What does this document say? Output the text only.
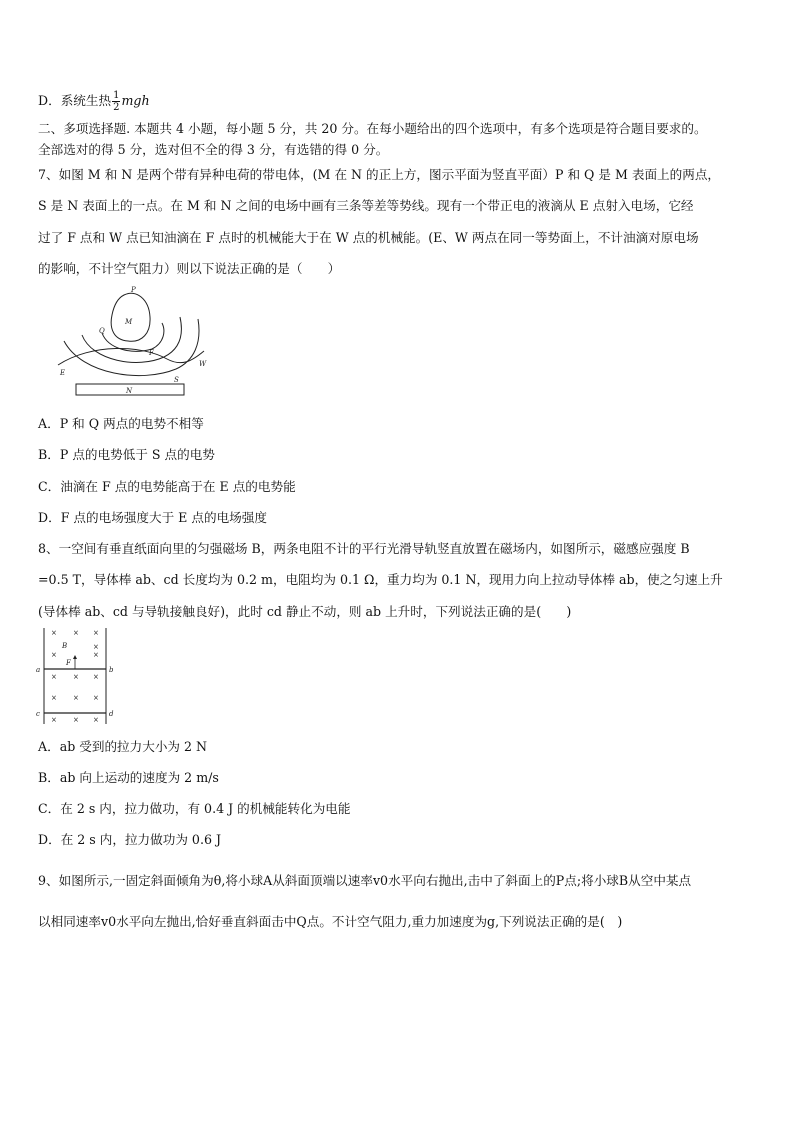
D．系统生热 $\frac{1}{2}$ mgh
二、多项选择题. 本题共 4 小题，每小题 5 分，共 20 分。在每小题给出的四个选项中，有多个选项是符合题目要求的。
全部选对的得 5 分，选对但不全的得 3 分，有选错的得 0 分。
7、如图 M 和 N 是两个带有异种电荷的带电体，(M 在 N 的正上方，图示平面为竖直平面）P 和 Q 是 M 表面上的两点，
S 是 N 表面上的一点。在 M 和 N 之间的电场中画有三条等差等势线。现有一个带正电的液滴从 E 点射入电场，它经
过了 F 点和 W 点已知油滴在 F 点时的机械能大于在 W 点的机械能。(E、W 两点在同一等势面上，不计油滴对原电场
的影响，不计空气阻力）则以下说法正确的是（　　）
P
M
Q
F
W
E
N
S
A．P 和 Q 两点的电势不相等
B．P 点的电势低于 S 点的电势
C．油滴在 F 点的电势能高于在 E 点的电势能
D．F 点的电场强度大于 E 点的电场强度
8、一空间有垂直纸面向里的匀强磁场 B，两条电阻不计的平行光滑导轨竖直放置在磁场内，如图所示，磁感应强度 B
=0.5 T，导体棒 ab、cd 长度均为 0.2 m，电阻均为 0.1 Ω，重力均为 0.1 N，现用力向上拉动导体棒 ab，使之匀速上升
(导体棒 ab、cd 与导轨接触良好)，此时 cd 静止不动，则 ab 上升时，下列说法正确的是(　　)
× × ×
×
×	×
× × ×
× × ×
× × ×
B
F
a	b
c	d
A．ab 受到的拉力大小为 2 N
B．ab 向上运动的速度为 2 m/s
C．在 2 s 内，拉力做功，有 0.4 J 的机械能转化为电能
D．在 2 s 内，拉力做功为 0.6 J
9、如图所示,一固定斜面倾角为θ,将小球A从斜面顶端以速率v0水平向右抛出,击中了斜面上的P点;将小球B从空中某点
以相同速率v0水平向左抛出,恰好垂直斜面击中Q点。不计空气阻力,重力加速度为g,下列说法正确的是(　)
